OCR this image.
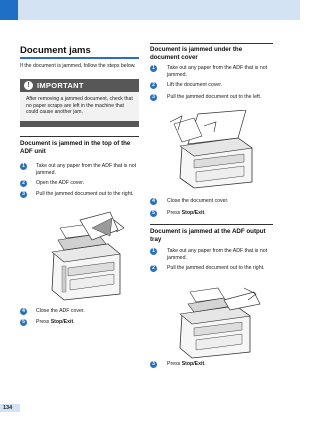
Document jams
If the document is jammed, follow the steps below.
! IMPORTANT
After removing a jammed document, check that no paper scraps are left in the machine that could cause another jam.
Document is jammed in the top of the ADF unit
1	Take out any paper from the ADF that is not jammed.
2	Open the ADF cover.
3	Pull the jammed document out to the right.
4	Close the ADF cover.
5	Press Stop/Exit.
Document is jammed under the document cover
1	Take out any paper from the ADF that is not jammed.
2	Lift the document cover.
3	Pull the jammed document out to the left.
4	Close the document cover.
5	Press Stop/Exit.
Document is jammed at the ADF output tray
1	Take out any paper from the ADF that is not jammed.
2	Pull the jammed document out to the right.
3	Press Stop/Exit.
134
